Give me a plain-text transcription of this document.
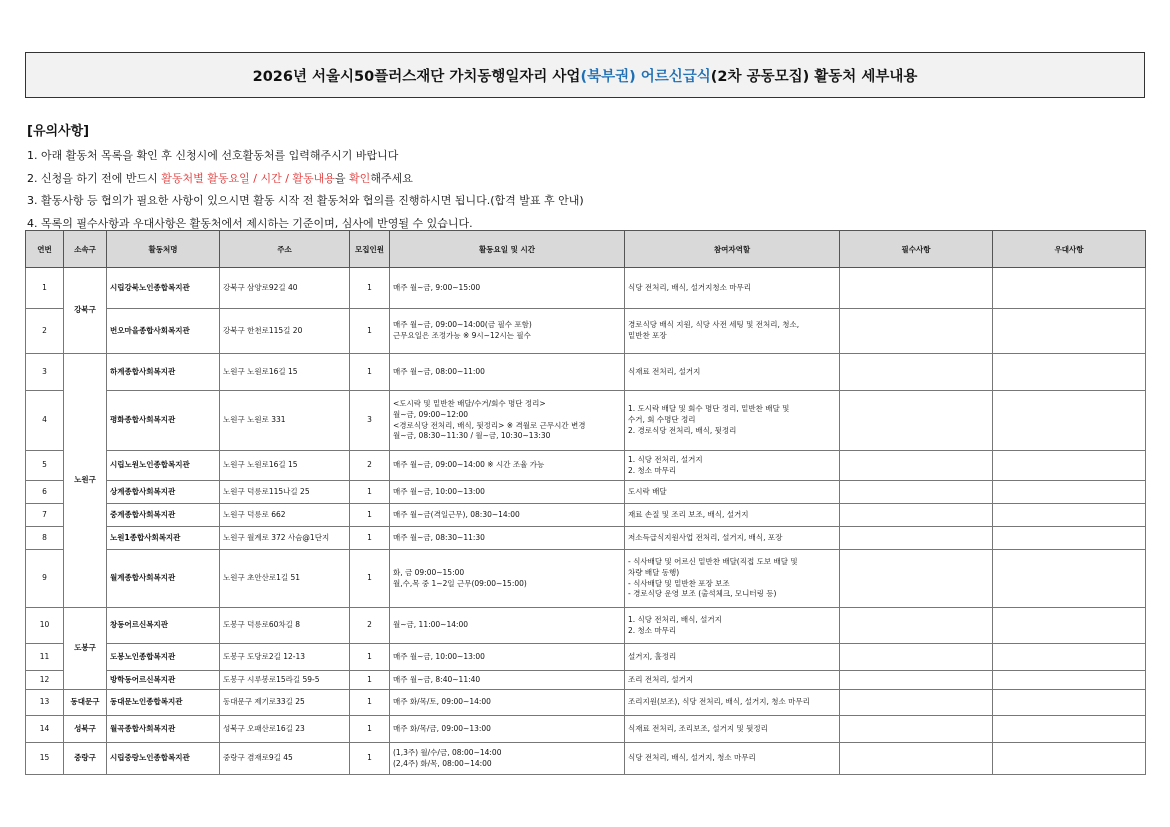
2026년 서울시50플러스재단 가치동행일자리 사업 (북부권) 어르신급식 (2차 공동모집) 활동처 세부내용
[유의사항]
1. 아래 활동처 목록을 확인 후 신청시에 선호활동처를 입력해주시기 바랍니다
2. 신청을 하기 전에 반드시 활동처별 활동요일 / 시간 / 활동내용을 확인해주세요
3. 활동사항 등 협의가 필요한 사항이 있으시면 활동 시작 전 활동처와 협의를 진행하시면 됩니다.(합격 발표 후 안내)
4. 목록의 필수사항과 우대사항은 활동처에서 제시하는 기준이며, 심사에 반영될 수 있습니다.
연번	소속구	활동처명	주소	모집인원	활동요일 및 시간	참여자역할	필수사항	우대사항
1	강북구	시립강북노인종합복지관	강북구 삼양로92길 40	1	매주 월~금, 9:00~15:00	식당 전처리, 배식, 설거지청소 마무리		
2		번오마을종합사회복지관	강북구 한천로115길 20	1	매주 월~금, 09:00~14:00(금 필수 포함)
근무요일은 조정가능 ※ 9시~12시는 필수	경로식당 배식 지원, 식당 사전 세팅 및 전처리, 청소,
밑반찬 포장		
3	노원구	하계종합사회복지관	노원구 노원로16길 15	1	매주 월~금, 08:00~11:00	식재료 전처리, 설거지		
4		평화종합사회복지관	노원구 노원로 331	3	<도시락 및 밑반찬 배달/수거/회수 명단 정리>
월~금, 09:00~12:00
<경로식당 전처리, 배식, 뒷정리> ※ 격월로 근무시간 변경
월~금, 08:30~11:30 / 월~금, 10:30~13:30	1. 도시락 배달 및 회수 명단 정리, 밑반찬 배달 및
수거, 회 수명단 정리
2. 경로식당 전처리, 배식, 뒷정리		
5		시립노원노인종합복지관	노원구 노원로16길 15	2	매주 월~금, 09:00~14:00 ※ 시간 조율 가능	1. 식당 전처리, 설거지
2. 청소 마무리		
6		상계종합사회복지관	노원구 덕릉로115나길 25	1	매주 월~금, 10:00~13:00	도시락 배달		
7		중계종합사회복지관	노원구 덕릉로 662	1	매주 월~금(격일근무), 08:30~14:00	재료 손질 및 조리 보조, 배식, 설거지		
8		노원1종합사회복지관	노원구 월계로 372 사슴@1단지	1	매주 월~금, 08:30~11:30	저소득급식지원사업 전처리, 설거지, 배식, 포장		
9		월계종합사회복지관	노원구 초안산로1길 51	1	화, 금 09:00~15:00
월,수,목 중 1~2일 근무(09:00~15:00)	- 식사배달 및 어르신 밑반찬 배달(직접 도보 배달 및
차량 배달 동행)
- 식사배달 및 밑반찬 포장 보조
- 경로식당 운영 보조 (출석체크, 모니터링 등)		
10	도봉구	창동어르신복지관	도봉구 덕릉로60차길 8	2	월~금, 11:00~14:00	1. 식당 전처리, 배식, 설거지
2. 청소 마무리		
11		도봉노인종합복지관	도봉구 도당로2길 12-13	1	매주 월~금, 10:00~13:00	설거지, 홀정리		
12		방학동어르신복지관	도봉구 시루봉로15라길 59-5	1	매주 월~금, 8:40~11:40	조리 전처리, 설거지		
13	동대문구	동대문노인종합복지관	동대문구 제기로33길 25	1	매주 화/목/토, 09:00~14:00	조리지원(보조), 식당 전처리, 배식, 설거지, 청소 마무리		
14	성북구	월곡종합사회복지관	성북구 오패산로16길 23	1	매주 화/목/금, 09:00~13:00	식재료 전처리, 조리보조, 설거지 및 뒷정리		
15	중랑구	시립중랑노인종합복지관	중랑구 겸재로9길 45	1	(1,3주) 월/수/금, 08:00~14:00
(2,4주) 화/목, 08:00~14:00	식당 전처리, 배식, 설거지, 청소 마무리		
